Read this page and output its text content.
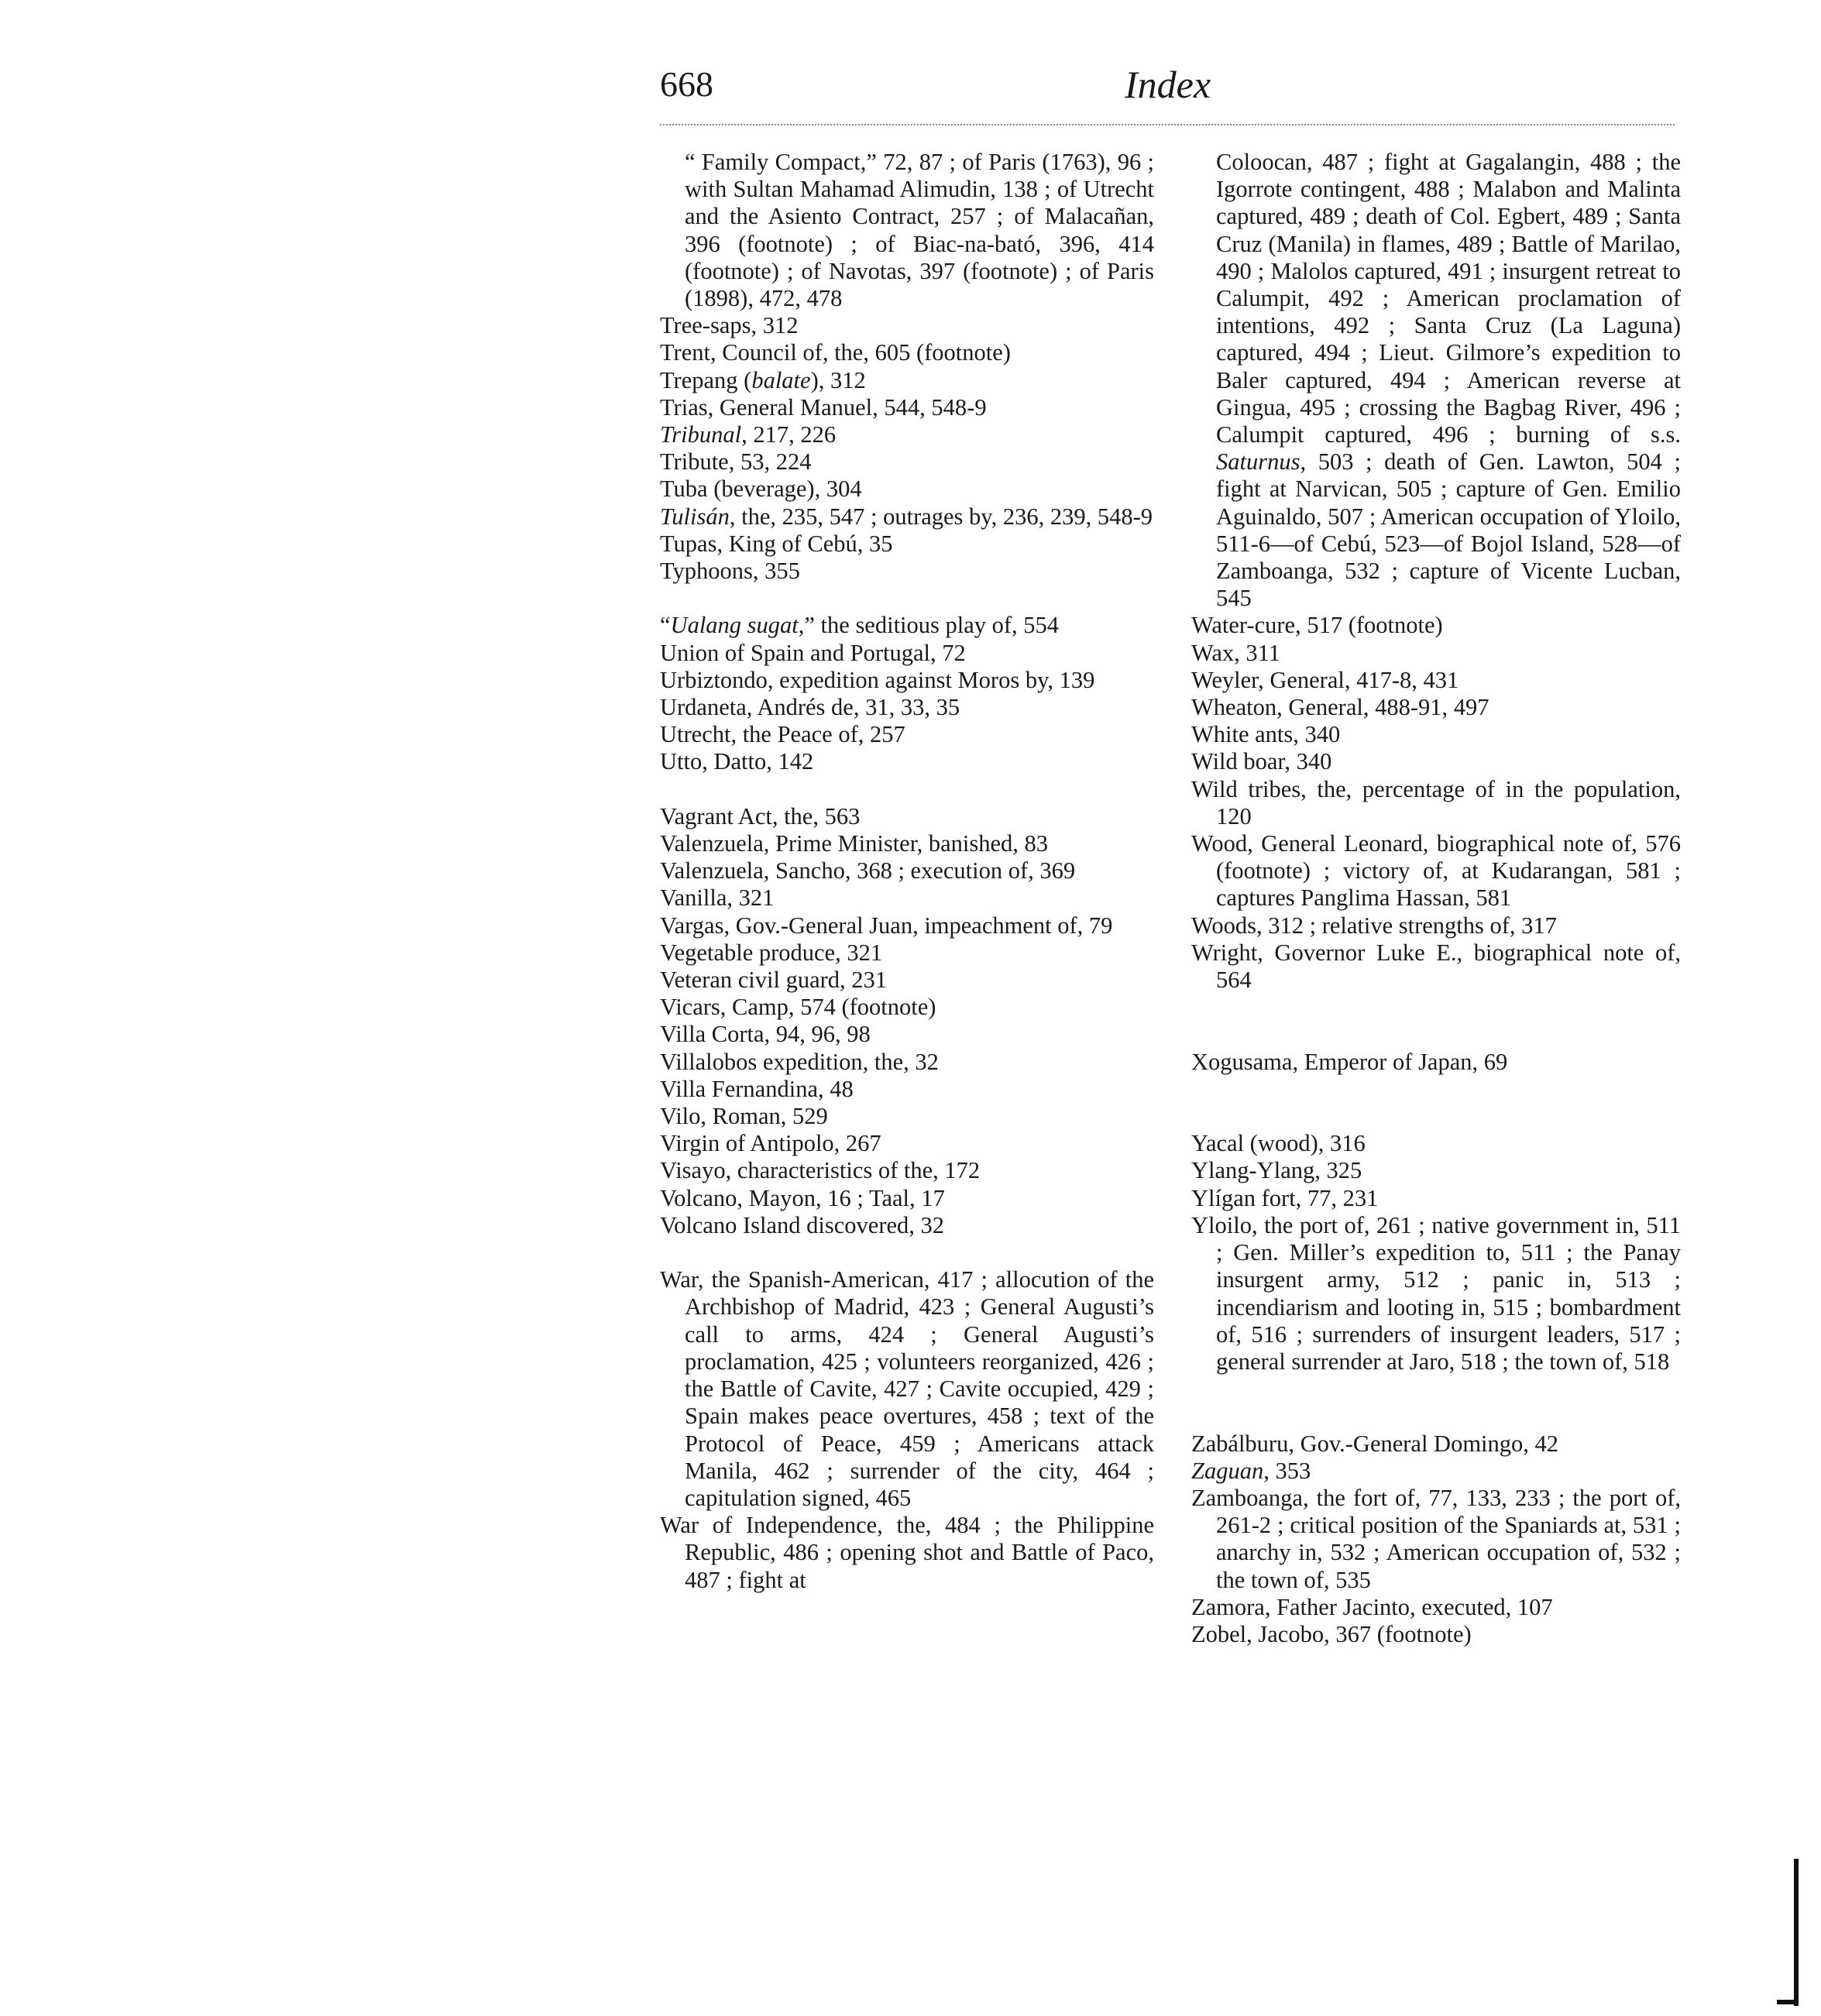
668	Index

“ Family Compact,” 72, 87 ; of Paris (1763), 96 ; with Sultan Mahamad Alimudin, 138 ; of Utrecht and the Asiento Contract, 257 ; of Malacañan, 396 (footnote) ; of Biac-na-bató, 396, 414 (footnote) ; of Navotas, 397 (footnote) ; of Paris (1898), 472, 478

Tree-saps, 312

Trent, Council of, the, 605 (footnote)

Trepang (balate), 312

Trias, General Manuel, 544, 548-9

Tribunal, 217, 226

Tribute, 53, 224

Tuba (beverage), 304

Tulisán, the, 235, 547 ; outrages by, 236, 239, 548-9

Tupas, King of Cebú, 35

Typhoons, 355

“Ualang sugat,” the seditious play of, 554

Union of Spain and Portugal, 72

Urbiztondo, expedition against Moros by, 139

Urdaneta, Andrés de, 31, 33, 35

Utrecht, the Peace of, 257

Utto, Datto, 142

Vagrant Act, the, 563

Valenzuela, Prime Minister, banished, 83

Valenzuela, Sancho, 368 ; execution of, 369

Vanilla, 321

Vargas, Gov.-General Juan, impeachment of, 79

Vegetable produce, 321

Veteran civil guard, 231

Vicars, Camp, 574 (footnote)

Villa Corta, 94, 96, 98

Villalobos expedition, the, 32

Villa Fernandina, 48

Vilo, Roman, 529

Virgin of Antipolo, 267

Visayo, characteristics of the, 172

Volcano, Mayon, 16 ; Taal, 17

Volcano Island discovered, 32

War, the Spanish-American, 417 ; allocution of the Archbishop of Madrid, 423 ; General Augusti’s call to arms, 424 ; General Augusti’s proclamation, 425 ; volunteers reorganized, 426 ; the Battle of Cavite, 427 ; Cavite occupied, 429 ; Spain makes peace overtures, 458 ; text of the Protocol of Peace, 459 ; Americans attack Manila, 462 ; surrender of the city, 464 ; capitulation signed, 465

War of Independence, the, 484 ; the Philippine Republic, 486 ; opening shot and Battle of Paco, 487 ; fight at

Coloocan, 487 ; fight at Gagalangin, 488 ; the Igorrote contingent, 488 ; Malabon and Malinta captured, 489 ; death of Col. Egbert, 489 ; Santa Cruz (Manila) in flames, 489 ; Battle of Marilao, 490 ; Malolos captured, 491 ; insurgent retreat to Calumpit, 492 ; American proclamation of intentions, 492 ; Santa Cruz (La Laguna) captured, 494 ; Lieut. Gilmore’s expedition to Baler captured, 494 ; American reverse at Gingua, 495 ; crossing the Bagbag River, 496 ; Calumpit captured, 496 ; burning of s.s. Saturnus, 503 ; death of Gen. Lawton, 504 ; fight at Narvican, 505 ; capture of Gen. Emilio Aguinaldo, 507 ; American occupation of Yloilo, 511-6—of Cebú, 523—of Bojol Island, 528—of Zamboanga, 532 ; capture of Vicente Lucban, 545

Water-cure, 517 (footnote)

Wax, 311

Weyler, General, 417-8, 431

Wheaton, General, 488-91, 497

White ants, 340

Wild boar, 340

Wild tribes, the, percentage of in the population, 120

Wood, General Leonard, biographical note of, 576 (footnote) ; victory of, at Kudarangan, 581 ; captures Panglima Hassan, 581

Woods, 312 ; relative strengths of, 317

Wright, Governor Luke E., biographical note of, 564

Xogusama, Emperor of Japan, 69

Yacal (wood), 316

Ylang-Ylang, 325

Ylígan fort, 77, 231

Yloilo, the port of, 261 ; native government in, 511 ; Gen. Miller’s expedition to, 511 ; the Panay insurgent army, 512 ; panic in, 513 ; incendiarism and looting in, 515 ; bombardment of, 516 ; surrenders of insurgent leaders, 517 ; general surrender at Jaro, 518 ; the town of, 518

Zabálburu, Gov.-General Domingo, 42

Zaguan, 353

Zamboanga, the fort of, 77, 133, 233 ; the port of, 261-2 ; critical position of the Spaniards at, 531 ; anarchy in, 532 ; American occupation of, 532 ; the town of, 535

Zamora, Father Jacinto, executed, 107

Zobel, Jacobo, 367 (footnote)
